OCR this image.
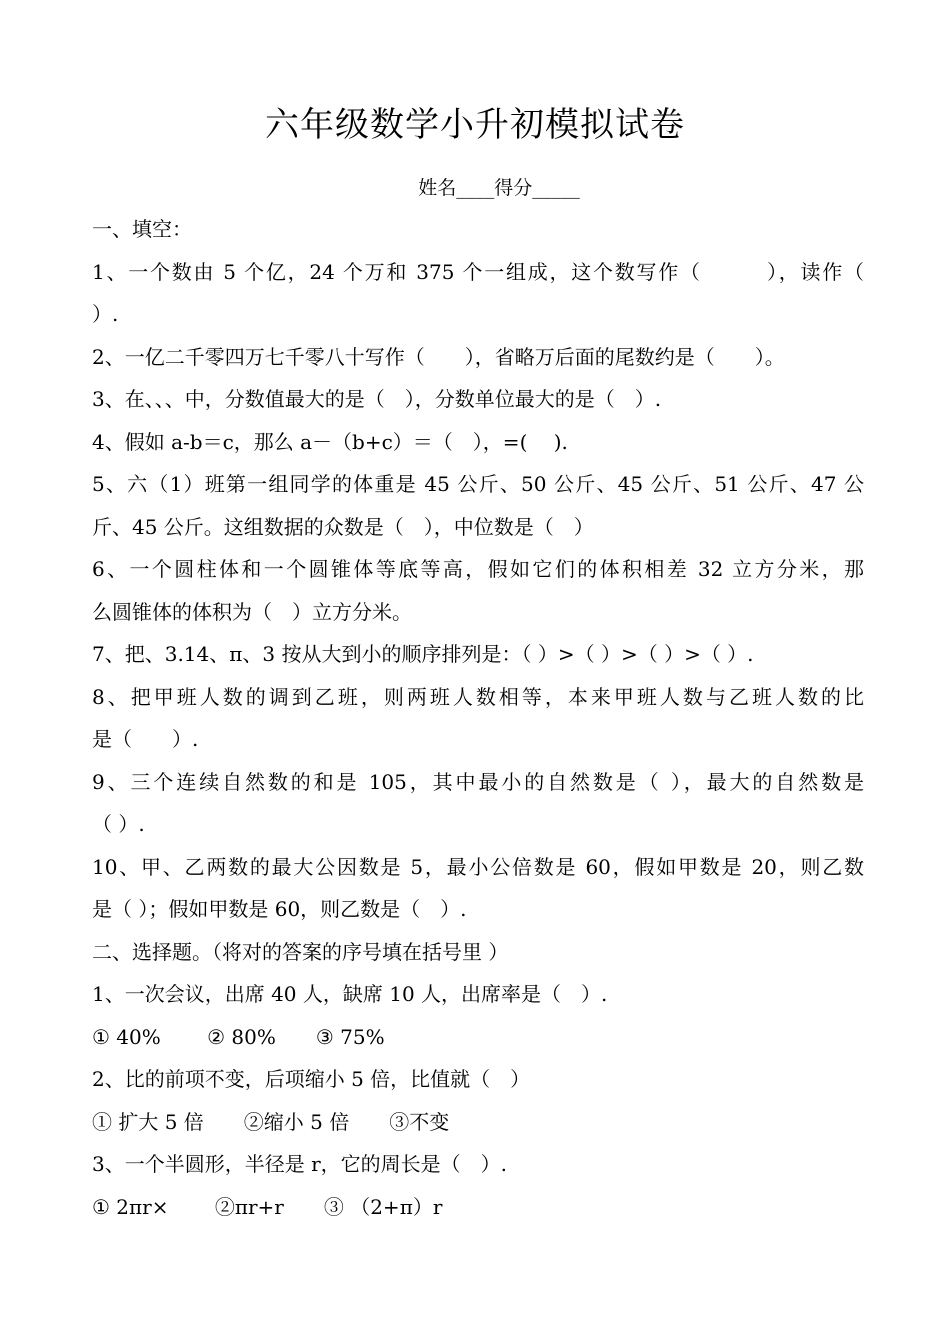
六年级数学小升初模拟试卷
姓名____得分_____
一、填空：
1、一个数由 5 个亿，24 个万和 375 个一组成，这个数写作（　　　），读作（
）.
2、一亿二千零四万七千零八十写作（　　），省略万后面的尾数约是（　　）。
3、在、、、中，分数值最大的是（　），分数单位最大的是（　）.
4、假如 a-b＝c，那么 a－（b+c）＝（　），=(　 ).
5、六（1）班第一组同学的体重是 45 公斤、50 公斤、45 公斤、51 公斤、47 公
斤、45 公斤。这组数据的众数是（　），中位数是（　）
6、一个圆柱体和一个圆锥体等底等高，假如它们的体积相差 32 立方分米，那
么圆锥体的体积为（　）立方分米。
7、把、3.14、π、3 按从大到小的顺序排列是：（ ）>（ ）>（ ）>（ ）.
8、把甲班人数的调到乙班，则两班人数相等，本来甲班人数与乙班人数的比
是（　　）.
9、三个连续自然数的和是 105，其中最小的自然数是（ ），最大的自然数是
（ ）.
10、甲、乙两数的最大公因数是 5，最小公倍数是 60，假如甲数是 20，则乙数
是（ ）；假如甲数是 60，则乙数是（　）.
二、选择题。（将对的答案的序号填在括号里 ）
1、一次会议，出席 40 人，缺席 10 人，出席率是（　）.
① 40%　　 ② 80%　　③ 75%
2、比的前项不变，后项缩小 5 倍，比值就（　）
① 扩大 5 倍　　②缩小 5 倍　　③不变
3、一个半圆形，半径是 r，它的周长是（　）.
① 2πr×　　 ②πr+r　　③ （2+π）r
